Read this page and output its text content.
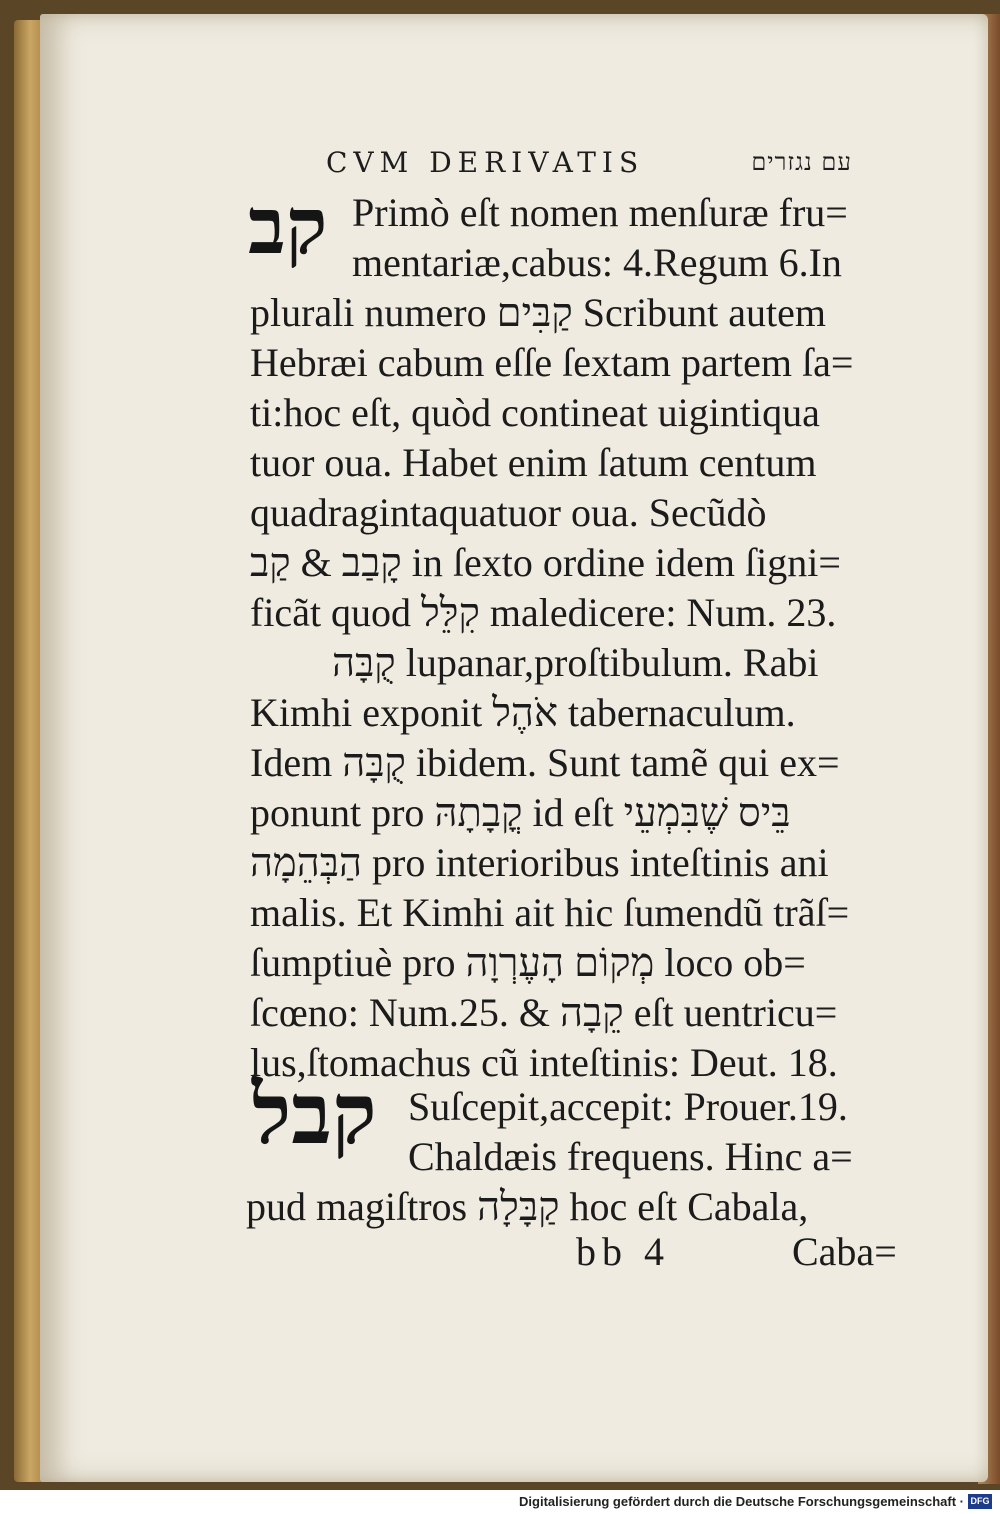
CVM DERIVATIS	עם נגזרים
קב
קבל
Primò eſt nomen menſuræ fru=
mentariæ,cabus: 4.Regum 6.In
plurali numero קַבִּים Scribunt autem
Hebræi cabum eſſe ſextam partem ſa=
ti:hoc eſt, quòd contineat uigintiqua
tuor oua. Habet enim ſatum centum
quadragintaquatuor oua. Secũdò
קָבַב & קַב in ſexto ordine idem ſigni=
ficãt quod קִלֵּל maledicere: Num. 23.
קֻבָּה lupanar,proſtibulum. Rabi
Kimhi exponit אֹהֶל tabernaculum.
Idem קֻבָּה ibidem. Sunt tamẽ qui ex=
ponunt pro קֳבָתָהּ id eſt בֵּיס שֶׁבִּמְעֵי
הַבְּהֵמָה pro interioribus inteſtinis ani
malis. Et Kimhi ait hic ſumendũ trãſ=
ſumptiuè pro מְקוֹם הָעֶרְוָה loco ob=
ſcœno: Num.25. & קֵבָה eſt uentricu=
lus,ſtomachus cũ inteſtinis: Deut. 18.
Suſcepit,accepit: Prouer.19.
Chaldæis frequens. Hinc a=
pud magiſtros קַבָּלָה hoc eſt Cabala,
bb 4	Caba=
Digitalisierung gefördert durch die Deutsche Forschungsgemeinschaft · DFG
